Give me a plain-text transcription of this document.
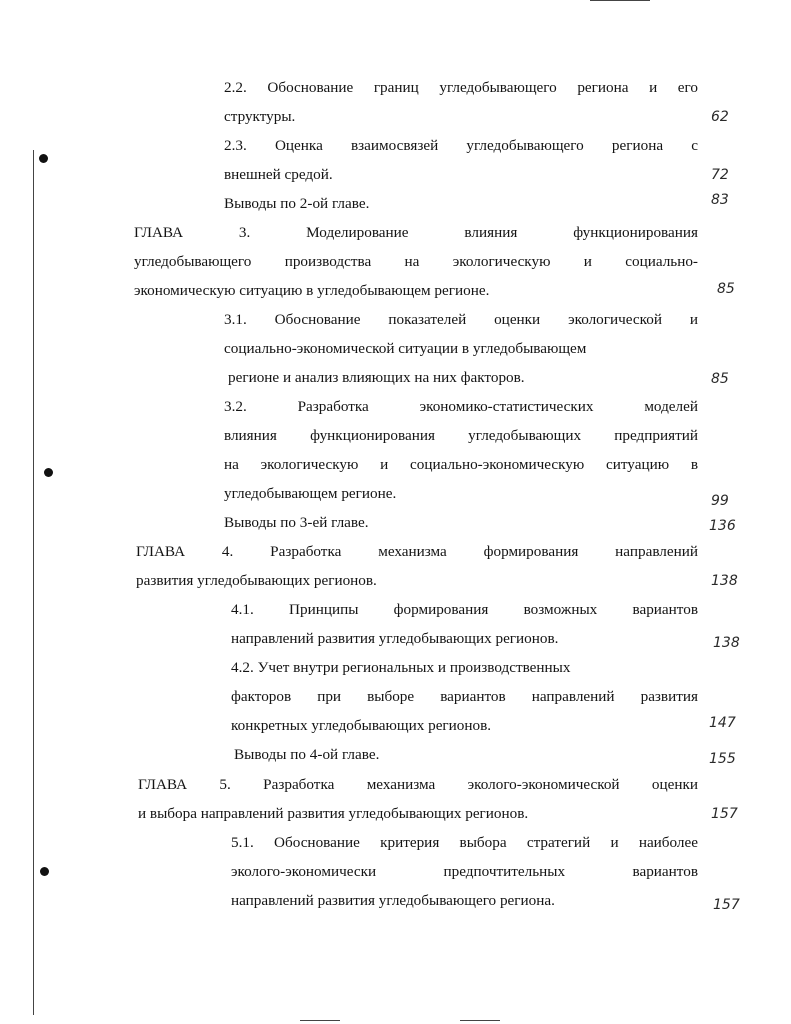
2.2. Обоснование границ угледобывающего региона и его
структуры.	62
2.3. Оценка взаимосвязей угледобывающего региона с
внешней средой.	72
Выводы по 2-ой главе.	83
ГЛАВА 3. Моделирование влияния функционирования
угледобывающего производства на экологическую и социально-
экономическую ситуацию в угледобывающем регионе.	85
3.1. Обоснование показателей оценки экологической и
социально-экономической ситуации в угледобывающем
регионе и анализ влияющих на них факторов.	85
3.2. Разработка экономико-статистических моделей
влияния функционирования угледобывающих предприятий
на экологическую и социально-экономическую ситуацию в
угледобывающем регионе.	99
Выводы по 3-ей главе.	136
ГЛАВА 4. Разработка механизма формирования направлений
развития угледобывающих регионов.	138
4.1. Принципы формирования возможных вариантов
направлений развития угледобывающих регионов.	138
4.2. Учет внутри региональных и производственных
факторов при выборе вариантов направлений развития
конкретных угледобывающих регионов.	147
Выводы по 4-ой главе.	155
ГЛАВА 5. Разработка механизма эколого-экономической оценки
и выбора направлений развития угледобывающих регионов.	157
5.1. Обоснование критерия выбора стратегий и наиболее
эколого-экономически предпочтительных вариантов
направлений развития угледобывающего региона.	157
